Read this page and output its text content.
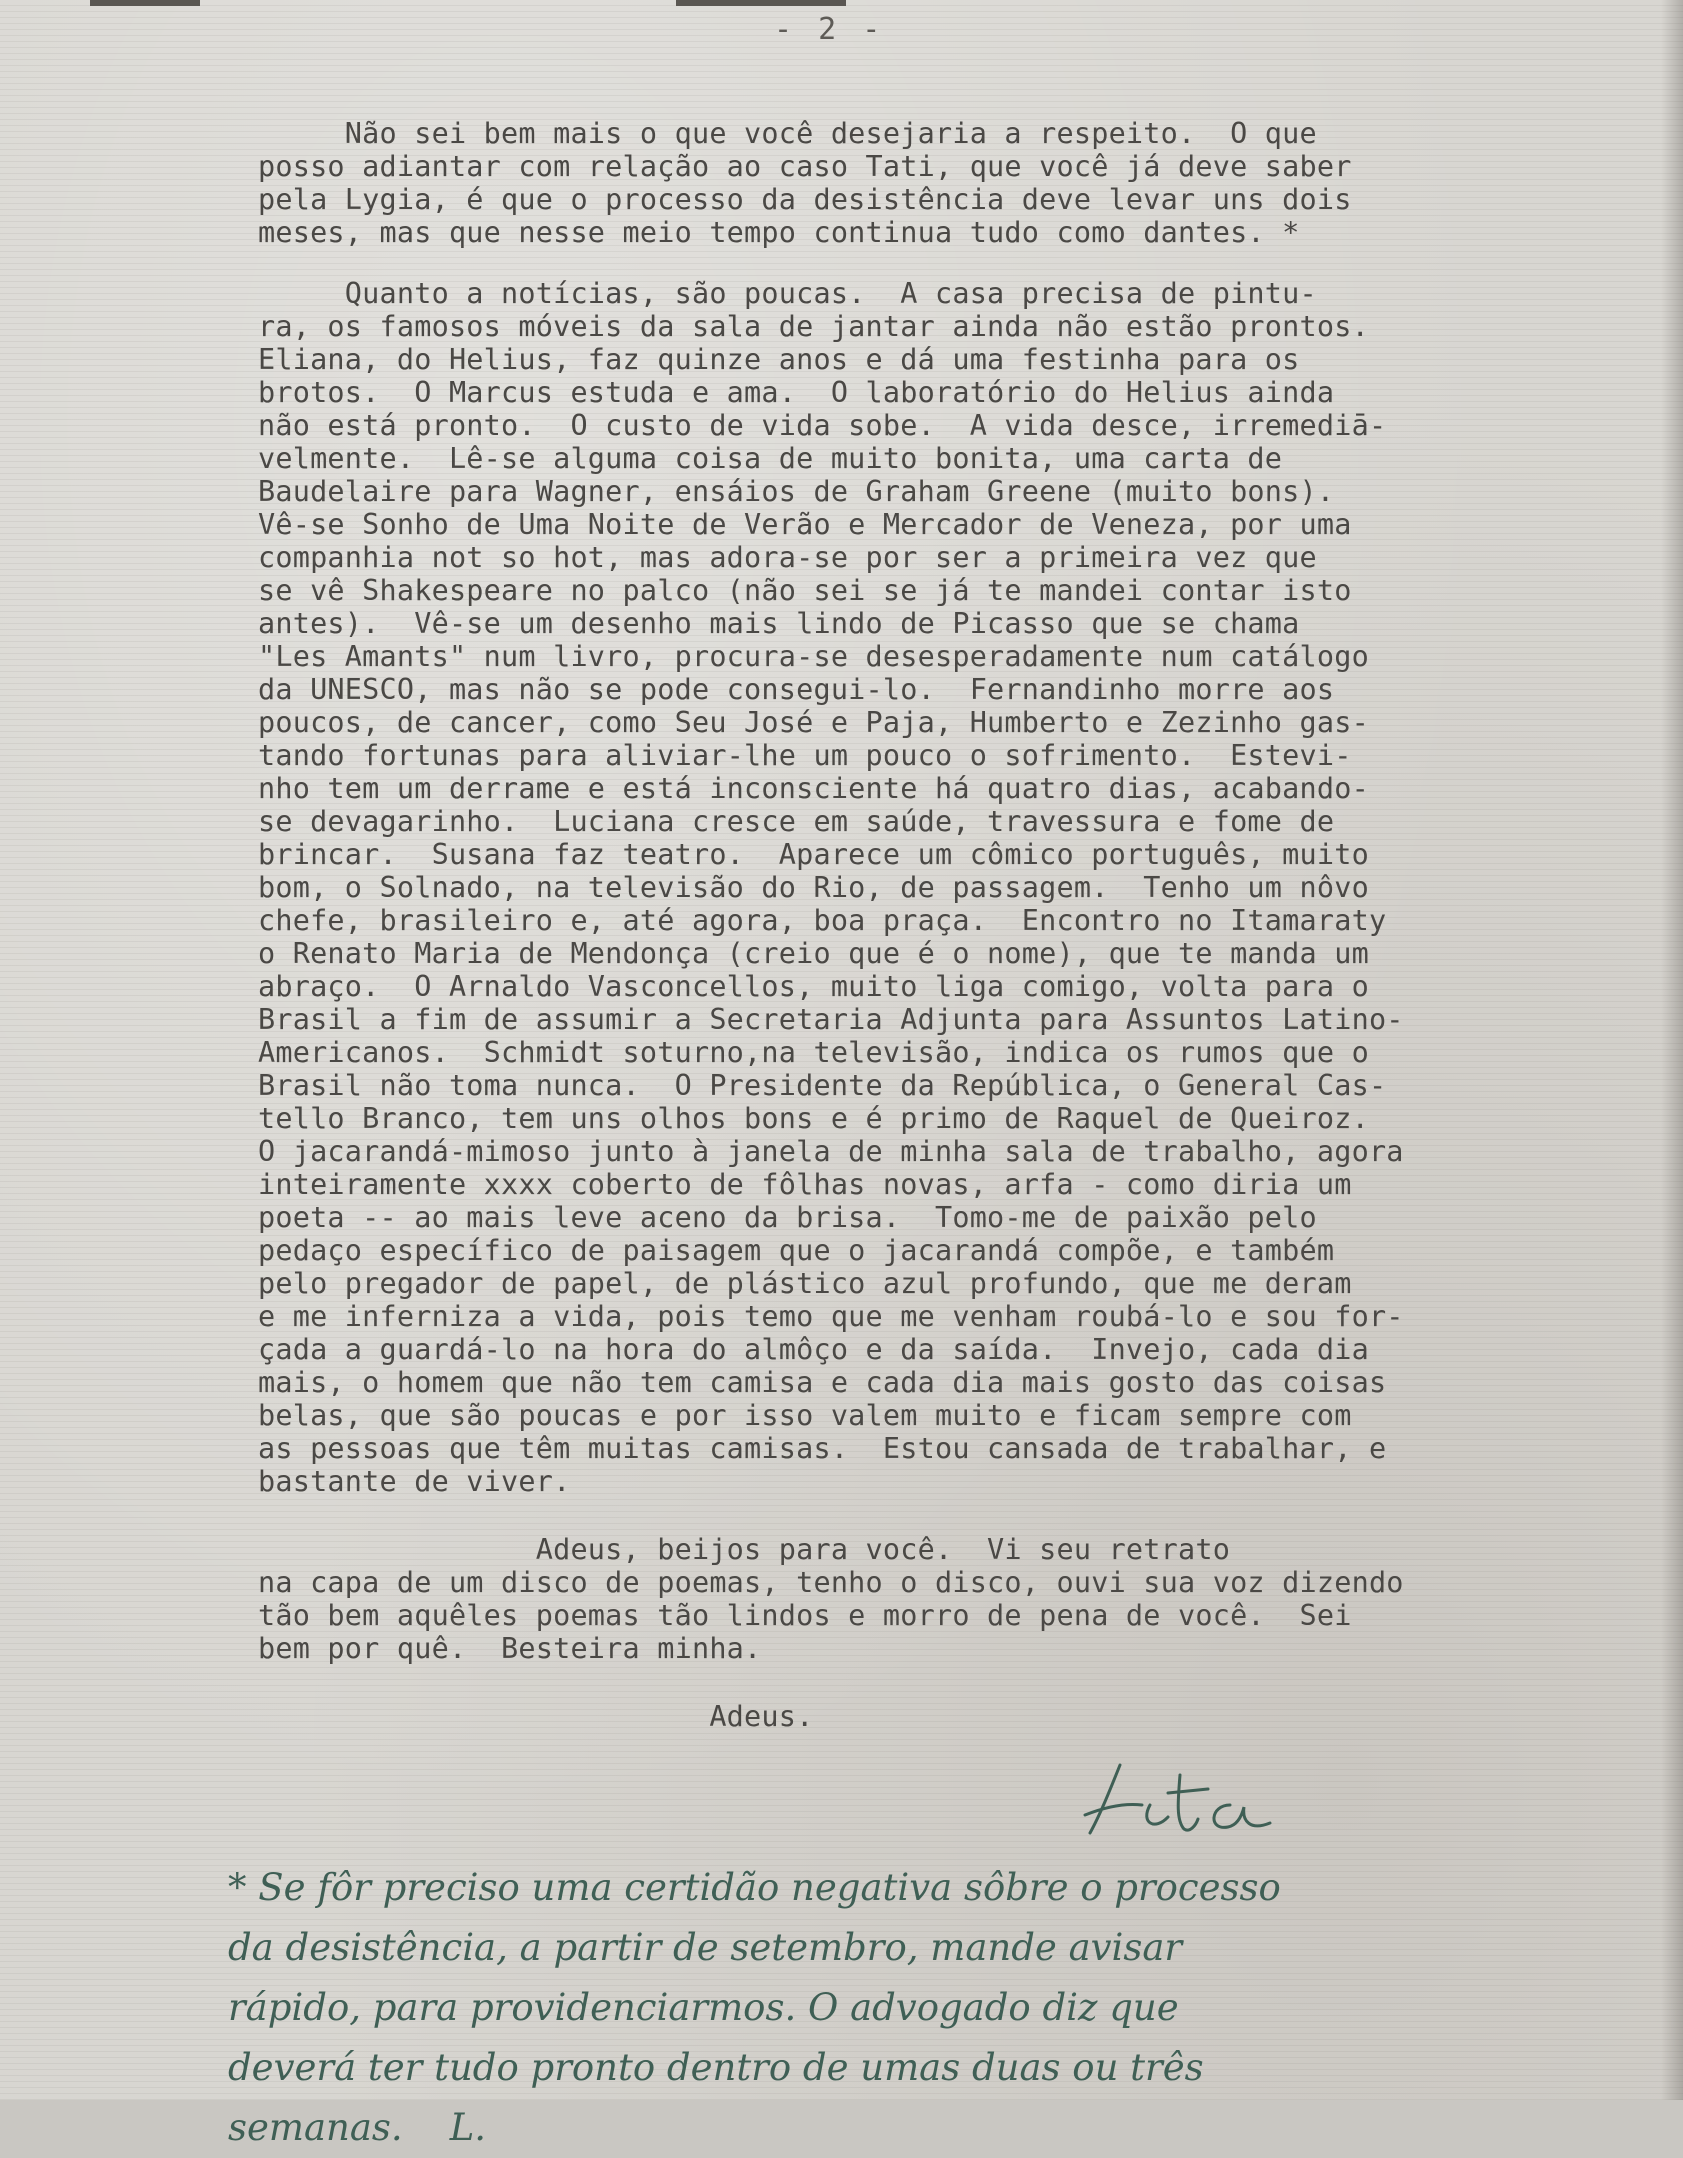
- 2 -
Não sei bem mais o que você desejaria a respeito.  O que
posso adiantar com relação ao caso Tati, que você já deve saber
pela Lygia, é que o processo da desistência deve levar uns dois
meses, mas que nesse meio tempo continua tudo como dantes. *
Quanto a notícias, são poucas.  A casa precisa de pintu-
ra, os famosos móveis da sala de jantar ainda não estão prontos.
Eliana, do Helius, faz quinze anos e dá uma festinha para os
brotos.  O Marcus estuda e ama.  O laboratório do Helius ainda
não está pronto.  O custo de vida sobe.  A vida desce, irremediā-
velmente.  Lê-se alguma coisa de muito bonita, uma carta de
Baudelaire para Wagner, ensáios de Graham Greene (muito bons).
Vê-se Sonho de Uma Noite de Verão e Mercador de Veneza, por uma
companhia not so hot, mas adora-se por ser a primeira vez que
se vê Shakespeare no palco (não sei se já te mandei contar isto
antes).  Vê-se um desenho mais lindo de Picasso que se chama
"Les Amants" num livro, procura-se desesperadamente num catálogo
da UNESCO, mas não se pode consegui-lo.  Fernandinho morre aos
poucos, de cancer, como Seu José e Paja, Humberto e Zezinho gas-
tando fortunas para aliviar-lhe um pouco o sofrimento.  Estevi-
nho tem um derrame e está inconsciente há quatro dias, acabando-
se devagarinho.  Luciana cresce em saúde, travessura e fome de
brincar.  Susana faz teatro.  Aparece um cômico português, muito
bom, o Solnado, na televisão do Rio, de passagem.  Tenho um nôvo
chefe, brasileiro e, até agora, boa praça.  Encontro no Itamaraty
o Renato Maria de Mendonça (creio que é o nome), que te manda um
abraço.  O Arnaldo Vasconcellos, muito liga comigo, volta para o
Brasil a fim de assumir a Secretaria Adjunta para Assuntos Latino-
Americanos.  Schmidt soturno,na televisão, indica os rumos que o
Brasil não toma nunca.  O Presidente da República, o General Cas-
tello Branco, tem uns olhos bons e é primo de Raquel de Queiroz.
O jacarandá-mimoso junto à janela de minha sala de trabalho, agora
inteiramente xxxx coberto de fôlhas novas, arfa - como diria um
poeta -- ao mais leve aceno da brisa.  Tomo-me de paixão pelo
pedaço específico de paisagem que o jacarandá compõe, e também
pelo pregador de papel, de plástico azul profundo, que me deram
e me inferniza a vida, pois temo que me venham roubá-lo e sou for-
çada a guardá-lo na hora do almôço e da saída.  Invejo, cada dia
mais, o homem que não tem camisa e cada dia mais gosto das coisas
belas, que são poucas e por isso valem muito e ficam sempre com
as pessoas que têm muitas camisas.  Estou cansada de trabalhar, e
bastante de viver.
Adeus, beijos para você.  Vi seu retrato
na capa de um disco de poemas, tenho o disco, ouvi sua voz dizendo
tão bem aquêles poemas tão lindos e morro de pena de você.  Sei
bem por quê.  Besteira minha.
Adeus.
* Se fôr preciso uma certidão negativa sôbre o processo
da desistência, a partir de setembro, mande avisar
rápido, para providenciarmos. O advogado diz que
deverá ter tudo pronto dentro de umas duas ou três
semanas.    L.
